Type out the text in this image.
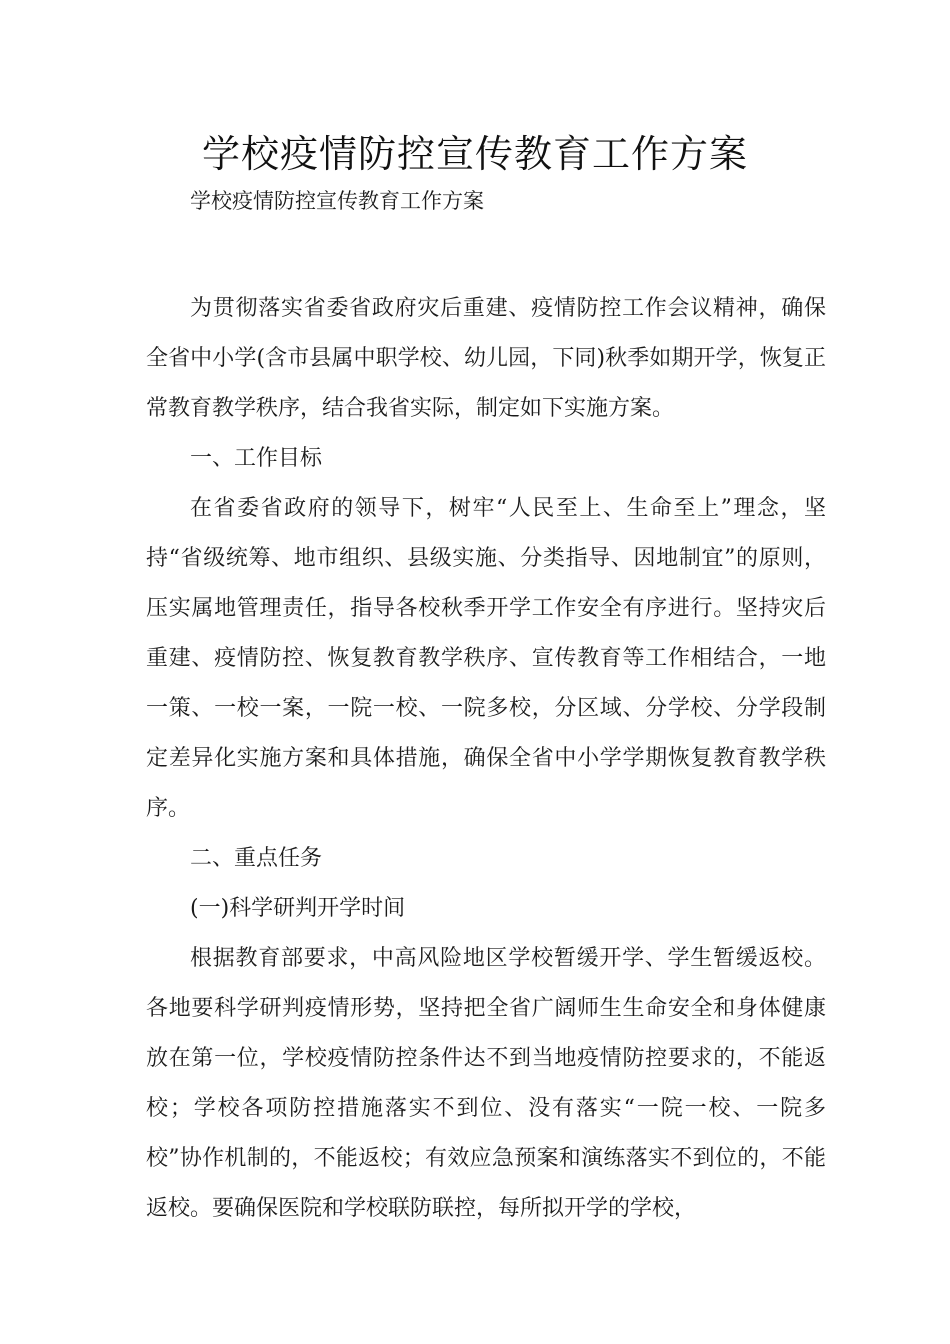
学校疫情防控宣传教育工作方案

学校疫情防控宣传教育工作方案

为贯彻落实省委省政府灾后重建、疫情防控工作会议精神，确保全省中小学(含市县属中职学校、幼儿园，下同)秋季如期开学，恢复正常教育教学秩序，结合我省实际，制定如下实施方案。

一、工作目标

在省委省政府的领导下，树牢“人民至上、生命至上”理念，坚持“省级统筹、地市组织、县级实施、分类指导、因地制宜”的原则，压实属地管理责任，指导各校秋季开学工作安全有序进行。坚持灾后重建、疫情防控、恢复教育教学秩序、宣传教育等工作相结合，一地一策、一校一案，一院一校、一院多校，分区域、分学校、分学段制定差异化实施方案和具体措施，确保全省中小学学期恢复教育教学秩序。

二、重点任务

(一)科学研判开学时间

根据教育部要求，中高风险地区学校暂缓开学、学生暂缓返校。各地要科学研判疫情形势，坚持把全省广阔师生生命安全和身体健康放在第一位，学校疫情防控条件达不到当地疫情防控要求的，不能返校；学校各项防控措施落实不到位、没有落实“一院一校、一院多校”协作机制的，不能返校；有效应急预案和演练落实不到位的，不能返校。要确保医院和学校联防联控，每所拟开学的学校，
